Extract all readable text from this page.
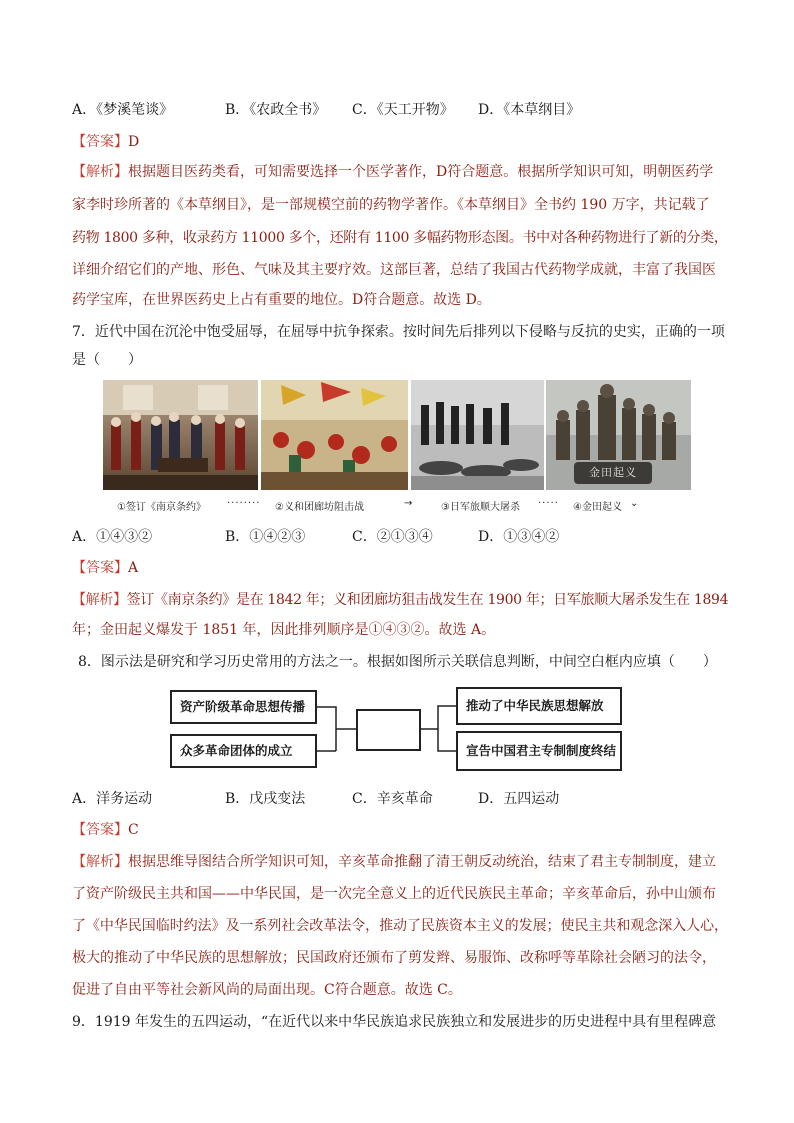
A．《梦溪笔谈》	B．《农政全书》 C．《天工开物》 D．《本草纲目》
【答案】D
【解析】根据题目医药类看，可知需要选择一个医学著作，D符合题意。根据所学知识可知，明朝医药学
家李时珍所著的《本草纲目》，是一部规模空前的药物学著作。《本草纲目》全书约 190 万字，共记载了
药物 1800 多种，收录药方 11000 多个，还附有 1100 多幅药物形态图。书中对各种药物进行了新的分类，
详细介绍它们的产地、形色、气味及其主要疗效。这部巨著，总结了我国古代药物学成就，丰富了我国医
药学宝库，在世界医药史上占有重要的地位。D符合题意。故选 D。
7．近代中国在沉沦中饱受屈辱，在屈辱中抗争探索。按时间先后排列以下侵略与反抗的史实，正确的一项
是（　　）
金田起义
①签订《南京条约》 ········ ②义和团廊坊阻击战	→	③日军旅顺大屠杀 ····· ④金田起义 ⌄
A．①④③②	B．①④②③	C．②①③④	D．①③④②
【答案】A
【解析】签订《南京条约》是在 1842 年；义和团廊坊狙击战发生在 1900 年；日军旅顺大屠杀发生在 1894
年；金田起义爆发于 1851 年，因此排列顺序是①④③②。故选 A。
8．图示法是研究和学习历史常用的方法之一。根据如图所示关联信息判断，中间空白框内应填（　　）
资产阶级革命思想传播
众多革命团体的成立
推动了中华民族思想解放
宣告中国君主专制制度终结
A．洋务运动	B．戊戌变法	C．辛亥革命	D．五四运动
【答案】C
【解析】根据思维导图结合所学知识可知，辛亥革命推翻了清王朝反动统治，结束了君主专制制度，建立
了资产阶级民主共和国——中华民国，是一次完全意义上的近代民族民主革命；辛亥革命后，孙中山颁布
了《中华民国临时约法》及一系列社会改革法令，推动了民族资本主义的发展；使民主共和观念深入人心，
极大的推动了中华民族的思想解放；民国政府还颁布了剪发辫、易服饰、改称呼等革除社会陋习的法令，
促进了自由平等社会新风尚的局面出现。C符合题意。故选 C。
9．1919 年发生的五四运动，“在近代以来中华民族追求民族独立和发展进步的历史进程中具有里程碑意
